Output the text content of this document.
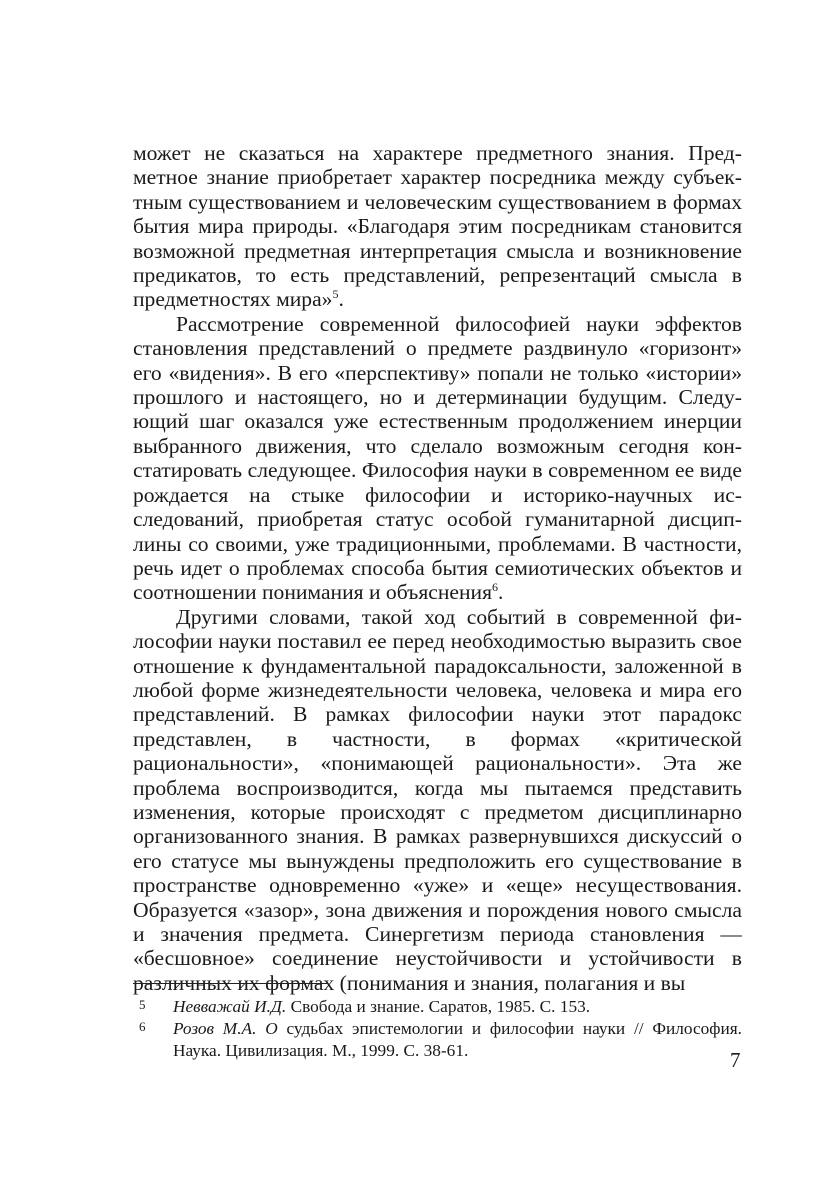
может не сказаться на характере предметного знания. Предметное знание приобретает характер посредника между субъектным существованием и человеческим существованием в формах бытия мира природы. «Благодаря этим посредникам становится возможной предметная интерпретация смысла и возникновение предикатов, то есть представлений, репрезентаций смысла в предметностях мира»$^5$.

Рассмотрение современной философией науки эффектов становления представлений о предмете раздвинуло «горизонт» его «видения». В его «перспективу» попали не только «истории» прошлого и настоящего, но и детерминации будущим. Следующий шаг оказался уже естественным продолжением инерции выбранного движения, что сделало возможным сегодня констатировать следующее. Философия науки в современном ее виде рождается на стыке философии и историко-научных исследований, приобретая статус особой гуманитарной дисциплины со своими, уже традиционными, проблемами. В частности, речь идет о проблемах способа бытия семиотических объектов и соотношении понимания и объяснения$^6$.

Другими словами, такой ход событий в современной философии науки поставил ее перед необходимостью выразить свое отношение к фундаментальной парадоксальности, заложенной в любой форме жизнедеятельности человека, человека и мира его представлений. В рамках философии науки этот парадокс представлен, в частности, в формах «критической рациональности», «понимающей рациональности». Эта же проблема воспроизводится, когда мы пытаемся представить изменения, которые происходят с предметом дисциплинарно организованного знания. В рамках развернувшихся дискуссий о его статусе мы вынуждены предположить его существование в пространстве одновременно «уже» и «еще» несуществования. Образуется «зазор», зона движения и порождения нового смысла и значения предмета. Синергетизм периода становления — «бесшовное» соединение неустойчивости и устойчивости в различных их формах (понимания и знания, полагания и вы

5 Невважай И.Д. Свобода и знание. Саратов, 1985. С. 153.
6 Розов М.А. О судьбах эпистемологии и философии науки // Философия. Наука. Цивилизация. М., 1999. С. 38-61.	7
